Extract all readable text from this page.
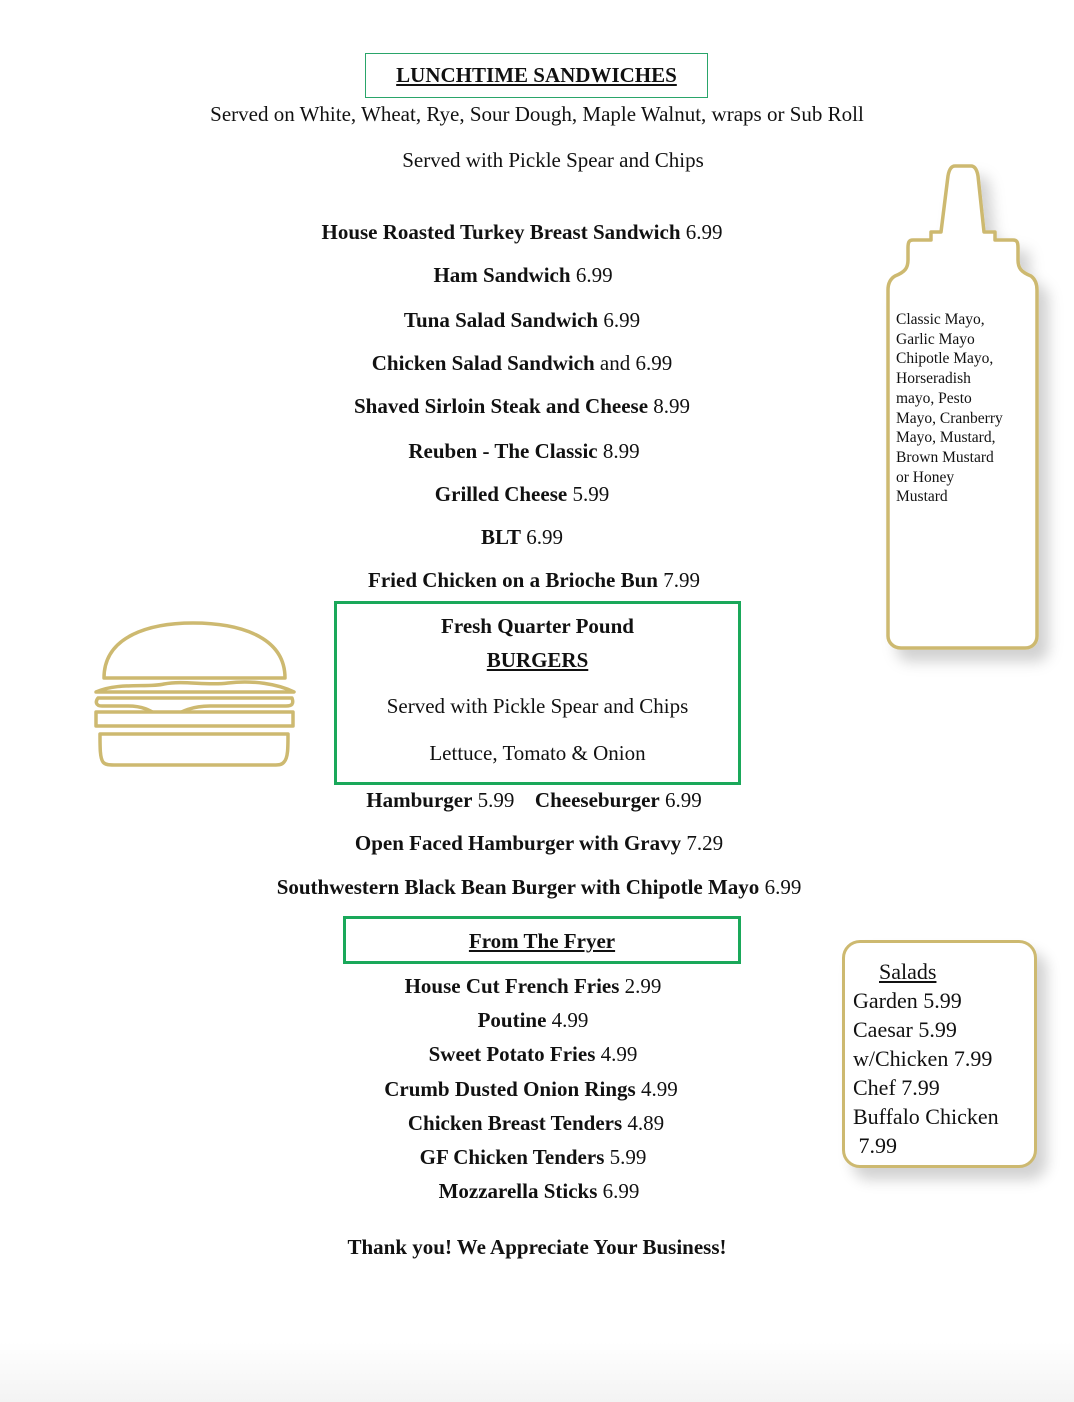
LUNCHTIME SANDWICHES
Served on White, Wheat, Rye, Sour Dough, Maple Walnut, wraps or Sub Roll
Served with Pickle Spear and Chips
House Roasted Turkey Breast Sandwich 6.99
Ham Sandwich 6.99
Tuna Salad Sandwich 6.99
Chicken Salad Sandwich and 6.99
Shaved Sirloin Steak and Cheese 8.99
Reuben - The Classic 8.99
Grilled Cheese 5.99
BLT 6.99
Fried Chicken on a Brioche Bun 7.99
Fresh Quarter Pound
BURGERS
Served with Pickle Spear and Chips
Lettuce, Tomato & Onion
Hamburger 5.99 Cheeseburger 6.99
Open Faced Hamburger with Gravy 7.29
Southwestern Black Bean Burger with Chipotle Mayo 6.99
From The Fryer
House Cut French Fries 2.99
Poutine 4.99
Sweet Potato Fries 4.99
Crumb Dusted Onion Rings 4.99
Chicken Breast Tenders 4.89
GF Chicken Tenders 5.99
Mozzarella Sticks 6.99
Thank you! We Appreciate Your Business!
Classic Mayo,
Garlic Mayo
Chipotle Mayo,
Horseradish
mayo, Pesto
Mayo, Cranberry
Mayo, Mustard,
Brown Mustard
or Honey
Mustard
Salads
Garden 5.99
Caesar 5.99
w/Chicken 7.99
Chef 7.99
Buffalo Chicken
7.99
